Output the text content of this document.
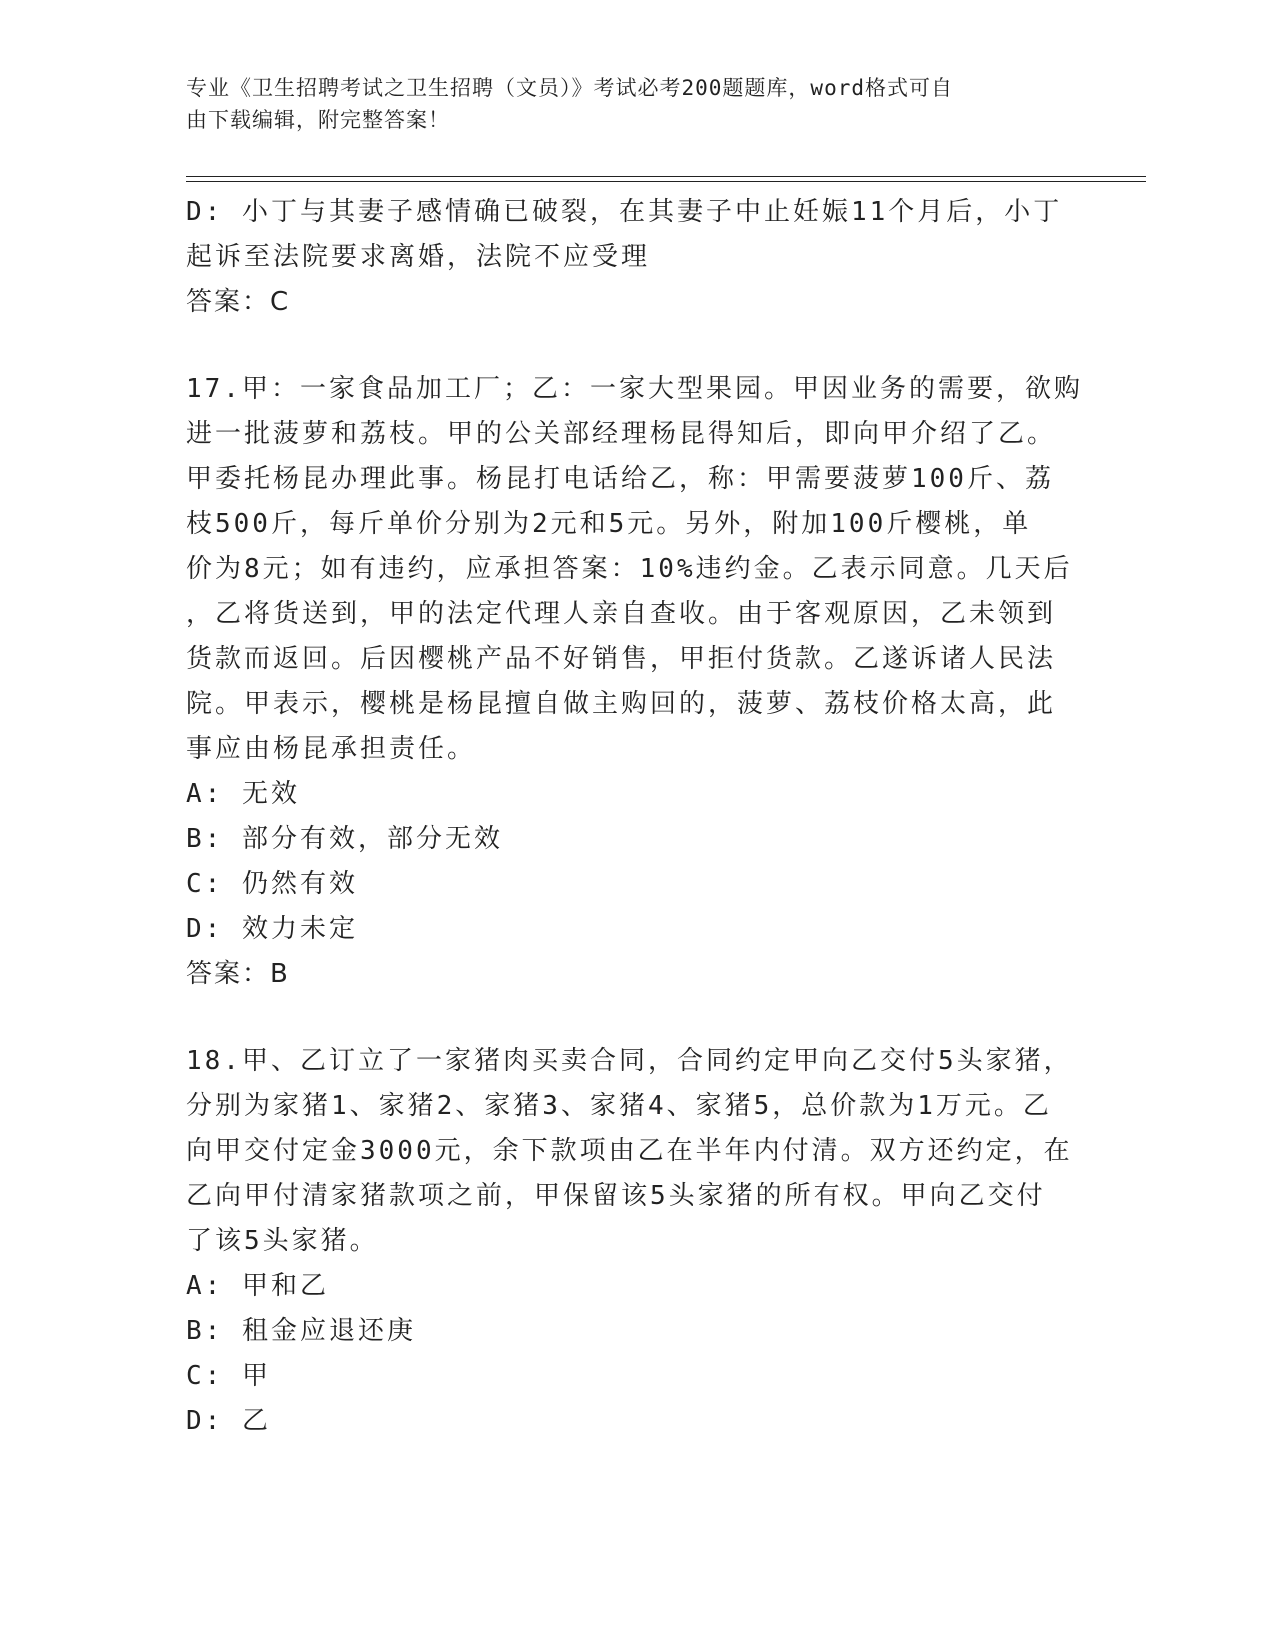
专业《卫生招聘考试之卫生招聘（文员）》考试必考200题题库，word格式可自
由下载编辑，附完整答案！
D: 小丁与其妻子感情确已破裂，在其妻子中止妊娠11个月后，小丁
起诉至法院要求离婚，法院不应受理
答案：C
17.甲：一家食品加工厂；乙：一家大型果园。甲因业务的需要，欲购
进一批菠萝和荔枝。甲的公关部经理杨昆得知后，即向甲介绍了乙。
甲委托杨昆办理此事。杨昆打电话给乙，称：甲需要菠萝100斤、荔
枝500斤，每斤单价分别为2元和5元。另外，附加100斤樱桃，单
价为8元；如有违约，应承担答案：10%违约金。乙表示同意。几天后
，乙将货送到，甲的法定代理人亲自查收。由于客观原因，乙未领到
货款而返回。后因樱桃产品不好销售，甲拒付货款。乙遂诉诸人民法
院。甲表示，樱桃是杨昆擅自做主购回的，菠萝、荔枝价格太高，此
事应由杨昆承担责任。
A: 无效
B: 部分有效，部分无效
C: 仍然有效
D: 效力未定
答案：B
18.甲、乙订立了一家猪肉买卖合同，合同约定甲向乙交付5头家猪，
分别为家猪1、家猪2、家猪3、家猪4、家猪5，总价款为1万元。乙
向甲交付定金3000元，余下款项由乙在半年内付清。双方还约定，在
乙向甲付清家猪款项之前，甲保留该5头家猪的所有权。甲向乙交付
了该5头家猪。
A: 甲和乙
B: 租金应退还庚
C: 甲
D: 乙
